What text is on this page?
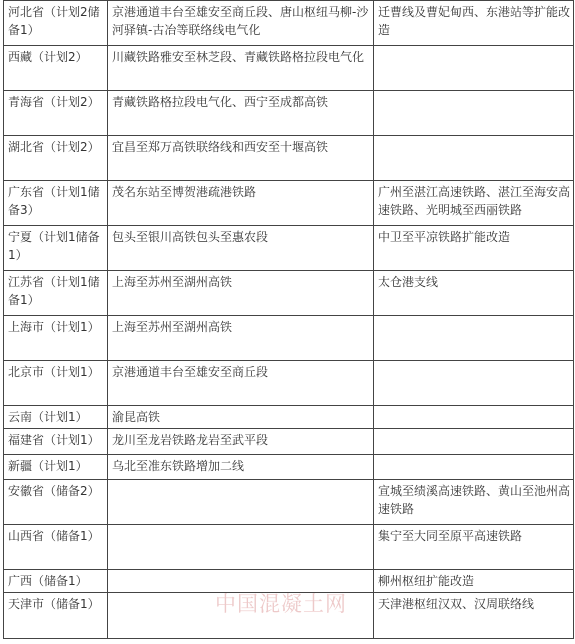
河北省（计划2储备1）	京港通道丰台至雄安至商丘段、唐山枢纽马柳-沙河驿镇-古冶等联络线电气化	迁曹线及曹妃甸西、东港站等扩能改造
西藏（计划2）	川藏铁路雅安至林芝段、青藏铁路格拉段电气化	
青海省（计划2）	青藏铁路格拉段电气化、西宁至成都高铁	
湖北省（计划2）	宜昌至郑万高铁联络线和西安至十堰高铁	
广东省（计划1储备3）	茂名东站至博贺港疏港铁路	广州至湛江高速铁路、湛江至海安高速铁路、光明城至西丽铁路
宁夏（计划1储备1）	包头至银川高铁包头至惠农段	中卫至平凉铁路扩能改造
江苏省（计划1储备1）	上海至苏州至湖州高铁	太仓港支线
上海市（计划1）	上海至苏州至湖州高铁	
北京市（计划1）	京港通道丰台至雄安至商丘段	
云南（计划1）	渝昆高铁	
福建省（计划1）	龙川至龙岩铁路龙岩至武平段	
新疆（计划1）	乌北至准东铁路增加二线	
安徽省（储备2）		宣城至绩溪高速铁路、黄山至池州高速铁路
山西省（储备1）		集宁至大同至原平高速铁路
广西（储备1）		柳州枢纽扩能改造
天津市（储备1）		天津港枢纽汉双、汉周联络线
中国混凝土网
